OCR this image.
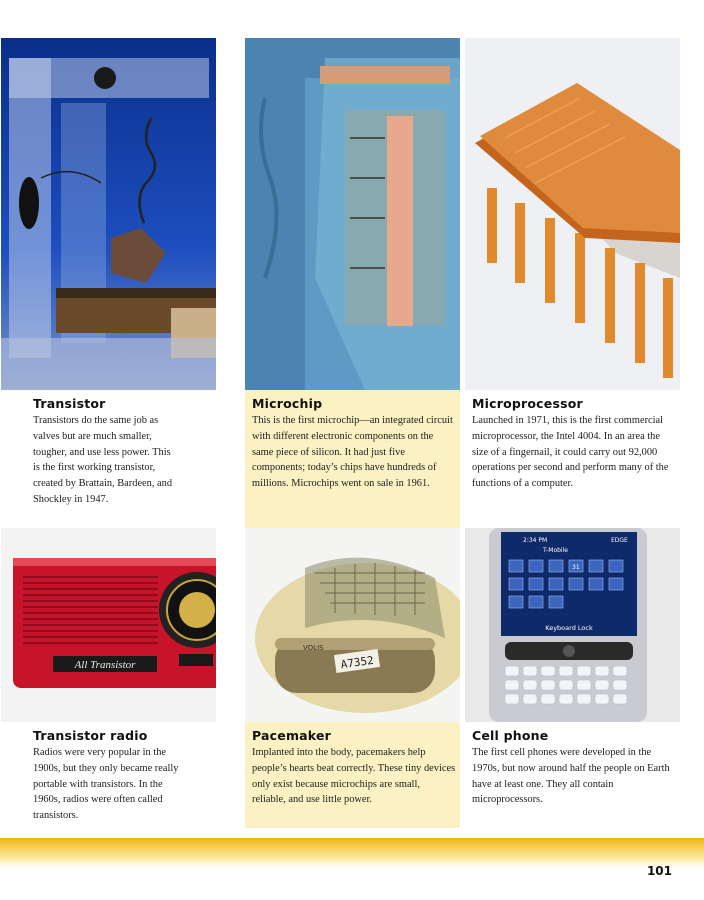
Transistor

Transistors do the same job as valves but are much smaller, tougher, and use less power. This is the first working transistor, created by Brattain, Bardeen, and Shockley in 1947.

Microchip

This is the first microchip—an integrated circuit with different electronic components on the same piece of silicon. It had just five components; today’s chips have hundreds of millions. Microchips went on sale in 1961.

Microprocessor

Launched in 1971, this is the first commercial microprocessor, the Intel 4004. In an area the size of a fingernail, it could carry out 92,000 operations per second and perform many of the functions of a computer.

All Transistor
Transistor radio

Radios were very popular in the 1900s, but they only became really portable with transistors. In the 1960s, radios were often called transistors.

A7352
VOLIS
Pacemaker

Implanted into the body, pacemakers help people’s hearts beat correctly. These tiny devices only exist because microchips are small, reliable, and use little power.

2:34 PM	EDGE
T-Mobile
31
Keyboard Lock
Cell phone

The first cell phones were developed in the 1970s, but now around half the people on Earth have at least one. They all contain microprocessors.

101
